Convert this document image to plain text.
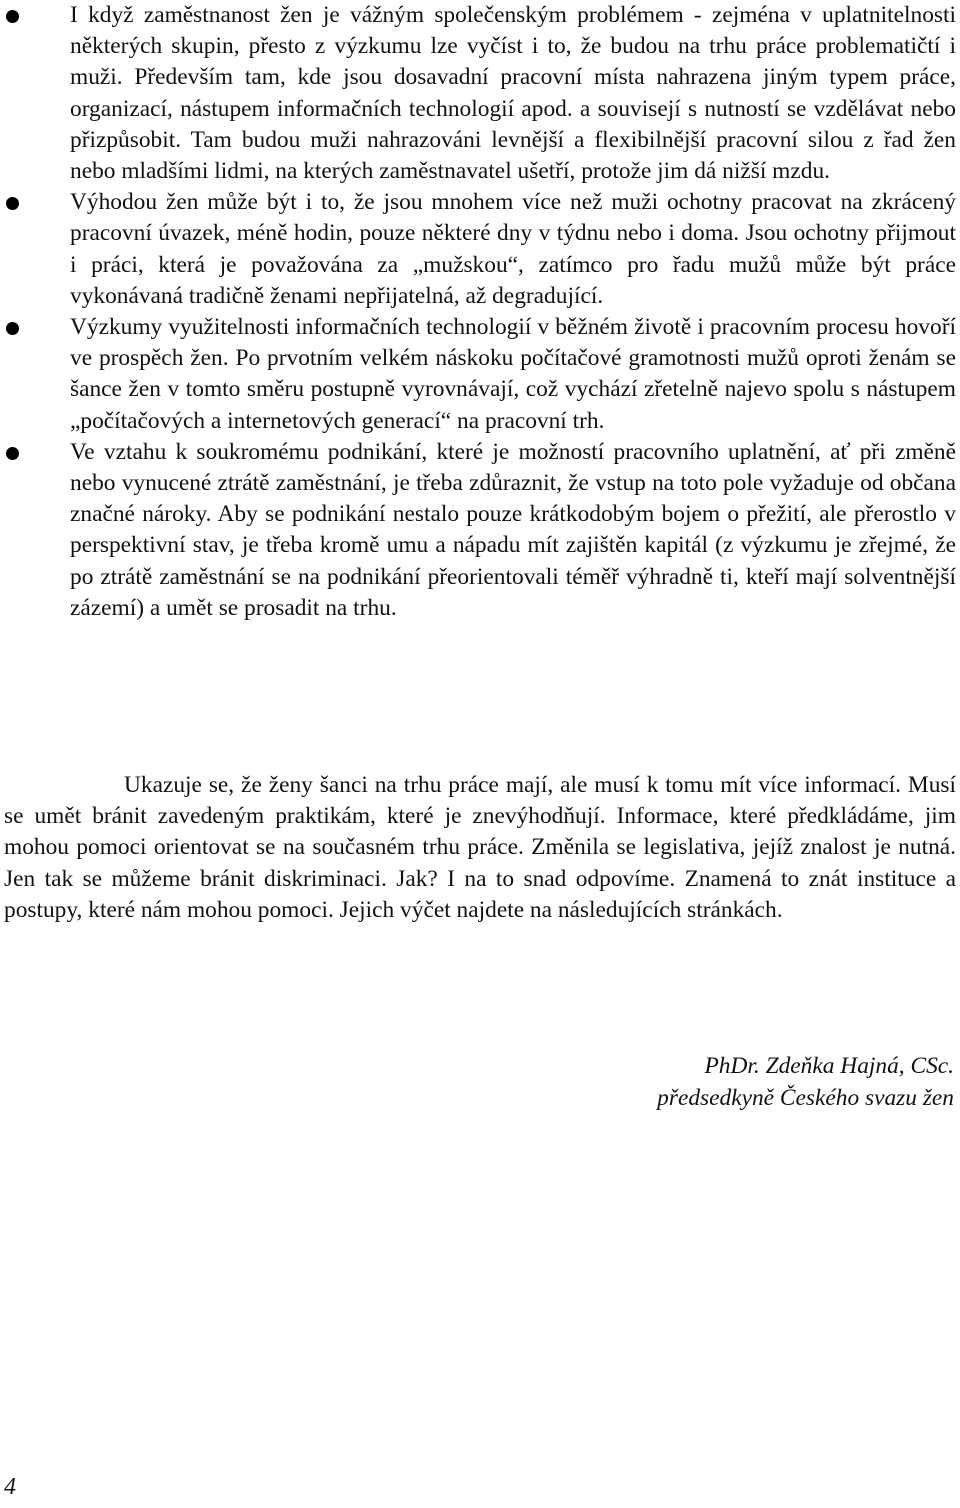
I když zaměstnanost žen je vážným společenským problémem - zejména v uplatnitelnosti některých skupin, přesto z výzkumu lze vyčíst i to, že budou na trhu práce problematičtí i muži. Především tam, kde jsou dosavadní pracovní místa nahrazena jiným typem práce, organizací, nástupem informačních technologií apod. a souvisejí s nutností se vzdělávat nebo přizpůsobit. Tam budou muži nahrazováni levnější a flexibilnější pracovní silou z řad žen nebo mladšími lidmi, na kterých zaměstnavatel ušetří, protože jim dá nižší mzdu.
Výhodou žen může být i to, že jsou mnohem více než muži ochotny pracovat na zkrácený pracovní úvazek, méně hodin, pouze některé dny v týdnu nebo i doma. Jsou ochotny přijmout i práci, která je považována za „mužskou“, zatímco pro řadu mužů může být práce vykonávaná tradičně ženami nepřijatelná, až degradující.
Výzkumy využitelnosti informačních technologií v běžném životě i pracovním procesu hovoří ve prospěch žen. Po prvotním velkém náskoku počítačové gramotnosti mužů oproti ženám se šance žen v tomto směru postupně vyrovnávají, což vychází zřetelně najevo spolu s nástupem „počítačových a internetových generací“ na pracovní trh.
Ve vztahu k soukromému podnikání, které je možností pracovního uplatnění, ať při změně nebo vynucené ztrátě zaměstnání, je třeba zdůraznit, že vstup na toto pole vyžaduje od občana značné nároky. Aby se podnikání nestalo pouze krátkodobým bojem o přežití, ale přerostlo v perspektivní stav, je třeba kromě umu a nápadu mít zajištěn kapitál (z výzkumu je zřejmé, že po ztrátě zaměstnání se na podnikání přeorientovali téměř výhradně ti, kteří mají solventnější zázemí) a umět se prosadit na trhu.

Ukazuje se, že ženy šanci na trhu práce mají, ale musí k tomu mít více informací. Musí se umět bránit zavedeným praktikám, které je znevýhodňují. Informace, které předkládáme, jim mohou pomoci orientovat se na současném trhu práce. Změnila se legislativa, jejíž znalost je nutná. Jen tak se můžeme bránit diskriminaci. Jak? I na to snad odpovíme. Znamená to znát instituce a postupy, které nám mohou pomoci. Jejich výčet najdete na následujících stránkách.

PhDr. Zdeňka Hajná, CSc.
předsedkyně Českého svazu žen
4
